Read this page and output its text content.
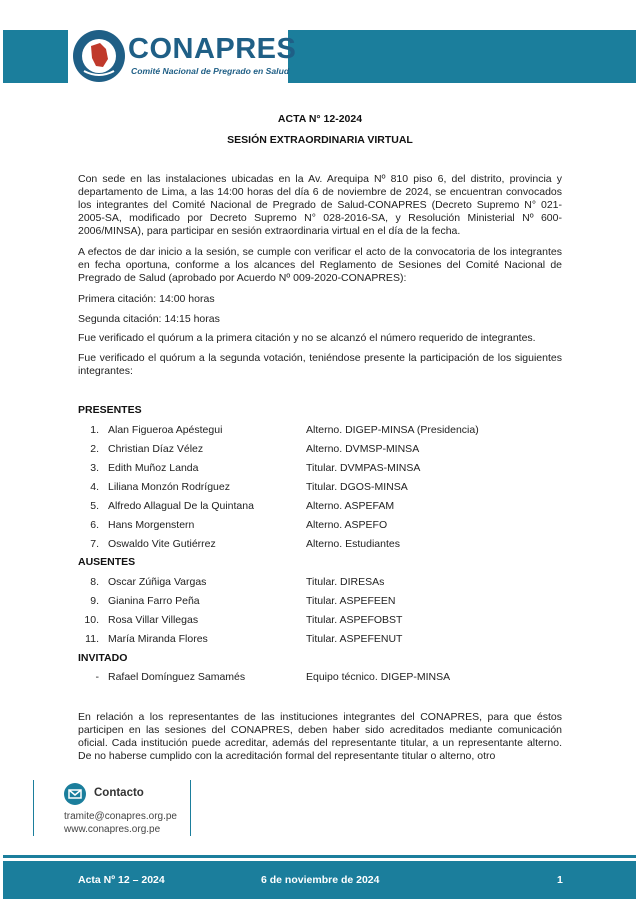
CONAPRES
Comité Nacional de Pregrado en Salud
ACTA N° 12-2024
SESIÓN EXTRAORDINARIA VIRTUAL
Con sede en las instalaciones ubicadas en la Av. Arequipa Nº 810 piso 6, del distrito, provincia y departamento de Lima, a las 14:00 horas del día 6 de noviembre de 2024, se encuentran convocados los integrantes del Comité Nacional de Pregrado de Salud-CONAPRES (Decreto Supremo N° 021-2005-SA, modificado por Decreto Supremo N° 028-2016-SA, y Resolución Ministerial Nº 600-2006/MINSA), para participar en sesión extraordinaria virtual en el día de la fecha.
A efectos de dar inicio a la sesión, se cumple con verificar el acto de la convocatoria de los integrantes en fecha oportuna, conforme a los alcances del Reglamento de Sesiones del Comité Nacional de Pregrado de Salud (aprobado por Acuerdo Nº 009-2020-CONAPRES):
Primera citación: 14:00 horas
Segunda citación: 14:15 horas
Fue verificado el quórum a la primera citación y no se alcanzó el número requerido de integrantes.
Fue verificado el quórum a la segunda votación, teniéndose presente la participación de los siguientes integrantes:
PRESENTES
1. Alan Figueroa Apéstegui	Alterno. DIGEP-MINSA (Presidencia)
2. Christian Díaz Vélez	Alterno. DVMSP-MINSA
3. Edith Muñoz Landa	Titular. DVMPAS-MINSA
4. Liliana Monzón Rodríguez	Titular. DGOS-MINSA
5. Alfredo Allagual De la Quintana	Alterno. ASPEFAM
6. Hans Morgenstern	Alterno. ASPEFO
7. Oswaldo Vite Gutiérrez	Alterno. Estudiantes
AUSENTES
8. Oscar Zúñiga Vargas	Titular. DIRESAs
9. Gianina Farro Peña	Titular. ASPEFEEN
10. Rosa Villar Villegas	Titular. ASPEFOBST
11. María Miranda Flores	Titular. ASPEFENUT
INVITADO
- Rafael Domínguez Samamés	Equipo técnico. DIGEP-MINSA
En relación a los representantes de las instituciones integrantes del CONAPRES, para que éstos participen en las sesiones del CONAPRES, deben haber sido acreditados mediante comunicación oficial. Cada institución puede acreditar, además del representante titular, a un representante alterno. De no haberse cumplido con la acreditación formal del representante titular o alterno, otro
Contacto
tramite@conapres.org.pe
www.conapres.org.pe
Acta Nº 12 – 2024	6 de noviembre de 2024	1
